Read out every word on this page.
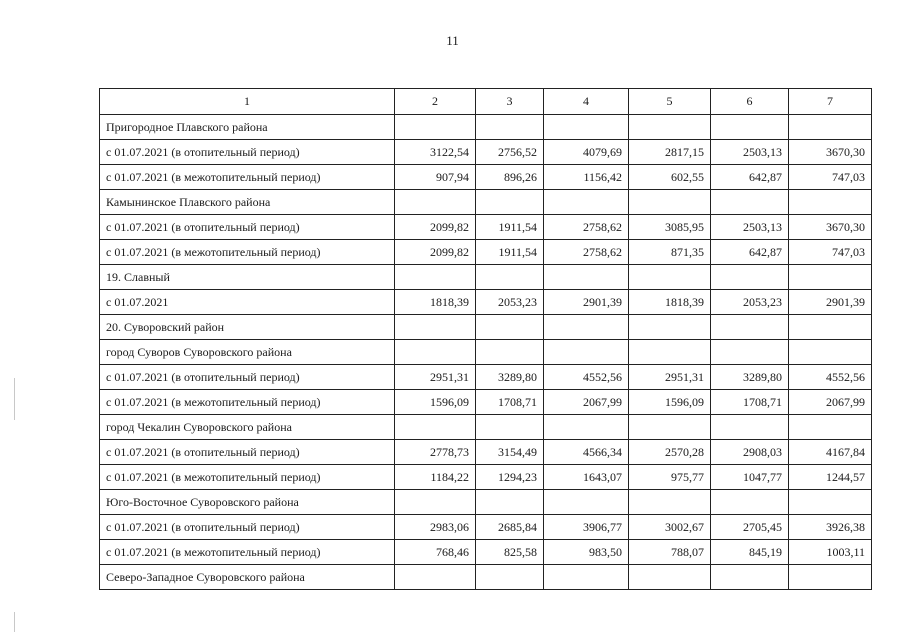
11
1	2	3	4	5	6	7
Пригородное Плавского района						
с 01.07.2021 (в отопительный период)	3122,54	2756,52	4079,69	2817,15	2503,13	3670,30
с 01.07.2021 (в межотопительный период)	907,94	896,26	1156,42	602,55	642,87	747,03
Камынинское Плавского района						
с 01.07.2021 (в отопительный период)	2099,82	1911,54	2758,62	3085,95	2503,13	3670,30
с 01.07.2021 (в межотопительный период)	2099,82	1911,54	2758,62	871,35	642,87	747,03
19. Славный						
с 01.07.2021	1818,39	2053,23	2901,39	1818,39	2053,23	2901,39
20. Суворовский район						
город Суворов Суворовского района						
с 01.07.2021 (в отопительный период)	2951,31	3289,80	4552,56	2951,31	3289,80	4552,56
с 01.07.2021 (в межотопительный период)	1596,09	1708,71	2067,99	1596,09	1708,71	2067,99
город Чекалин Суворовского района						
с 01.07.2021 (в отопительный период)	2778,73	3154,49	4566,34	2570,28	2908,03	4167,84
с 01.07.2021 (в межотопительный период)	1184,22	1294,23	1643,07	975,77	1047,77	1244,57
Юго-Восточное Суворовского района						
с 01.07.2021 (в отопительный период)	2983,06	2685,84	3906,77	3002,67	2705,45	3926,38
с 01.07.2021 (в межотопительный период)	768,46	825,58	983,50	788,07	845,19	1003,11
Северо-Западное Суворовского района						
